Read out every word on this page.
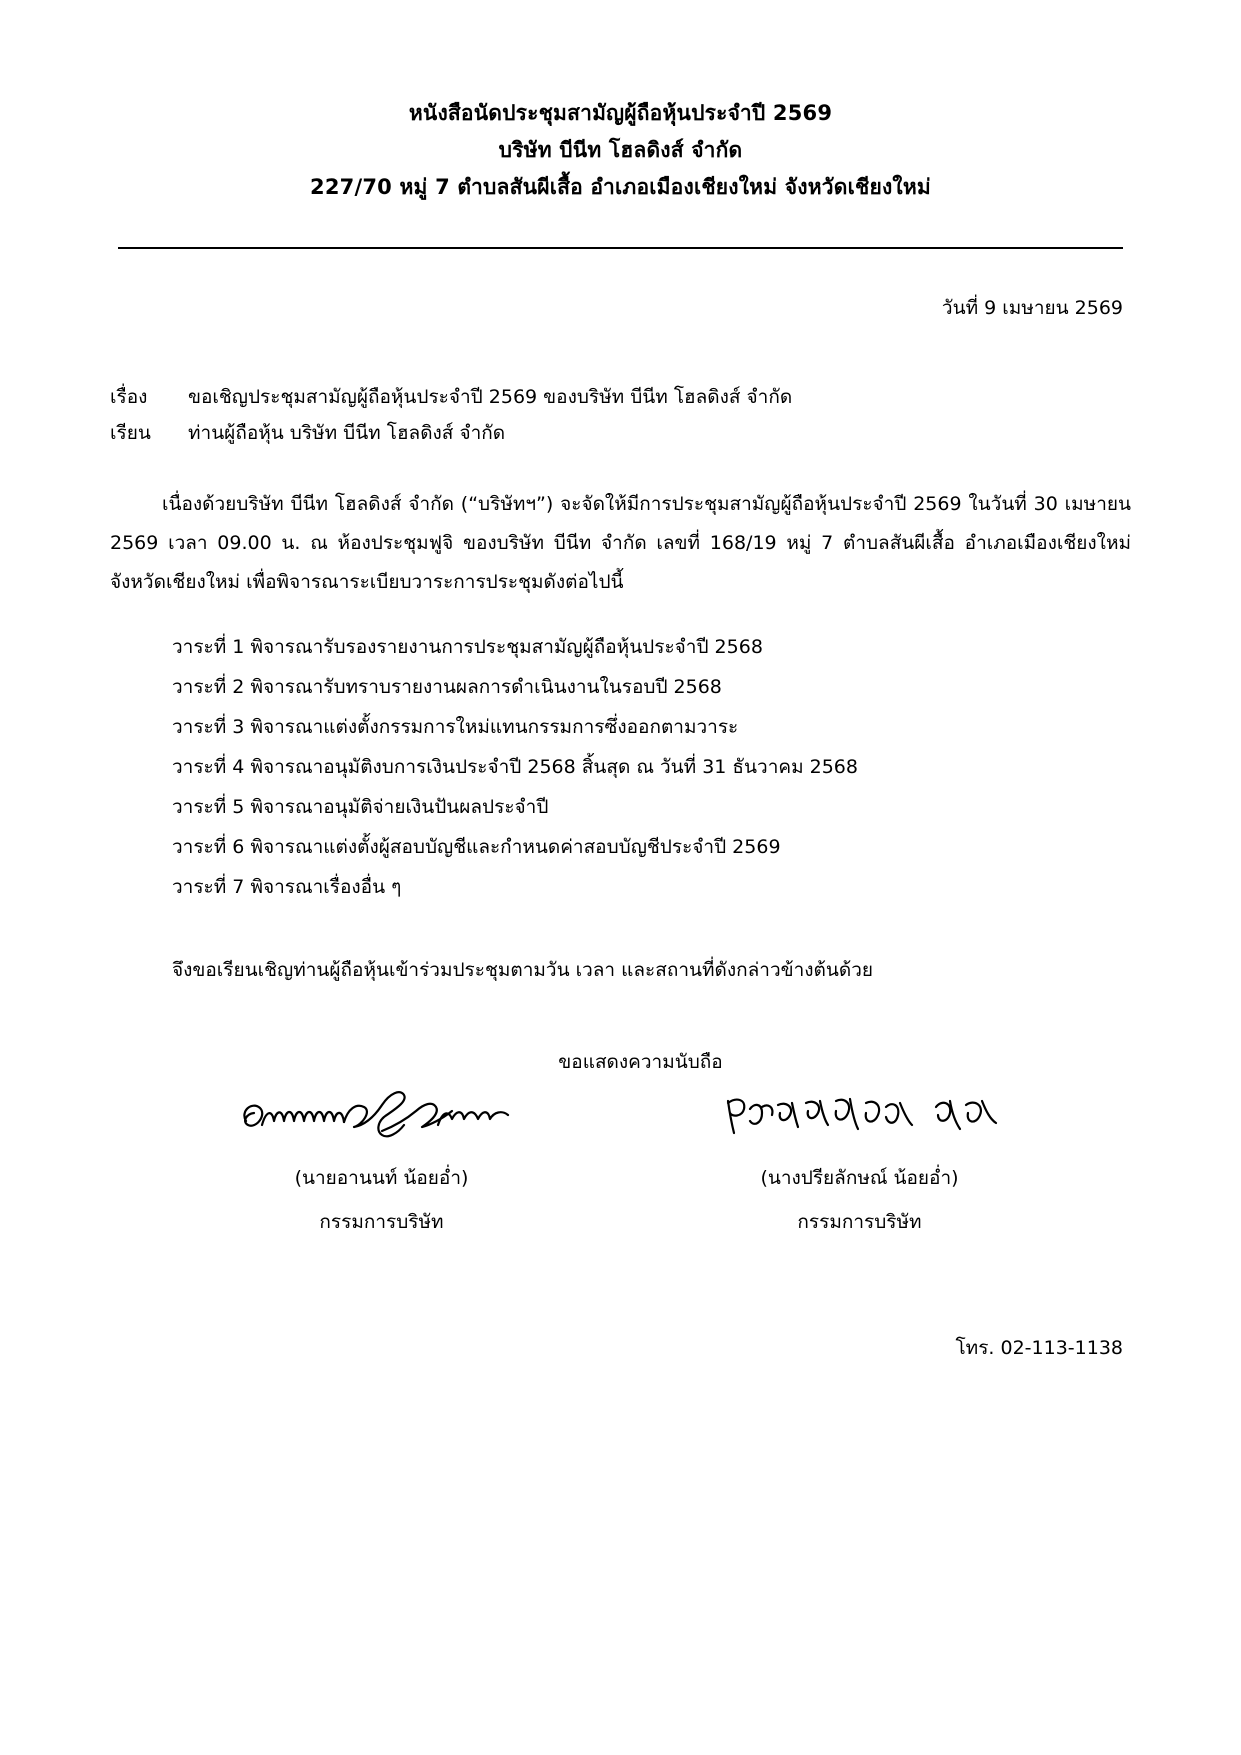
หนังสือนัดประชุมสามัญผู้ถือหุ้นประจำปี 2569
บริษัท บีนีท โฮลดิงส์ จำกัด
227/70 หมู่ 7 ตำบลสันผีเสื้อ อำเภอเมืองเชียงใหม่ จังหวัดเชียงใหม่
วันที่ 9 เมษายน 2569
เรื่อง	ขอเชิญประชุมสามัญผู้ถือหุ้นประจำปี 2569 ของบริษัท บีนีท โฮลดิงส์ จำกัด
เรียน	ท่านผู้ถือหุ้น บริษัท บีนีท โฮลดิงส์ จำกัด
เนื่องด้วยบริษัท บีนีท โฮลดิงส์ จำกัด (“บริษัทฯ”) จะจัดให้มีการประชุมสามัญผู้ถือหุ้นประจำปี 2569 ในวันที่ 30 เมษายน 2569 เวลา 09.00 น. ณ ห้องประชุมฟูจิ ของบริษัท บีนีท จำกัด เลขที่ 168/19 หมู่ 7 ตำบลสันผีเสื้อ อำเภอเมืองเชียงใหม่ จังหวัดเชียงใหม่ เพื่อพิจารณาระเบียบวาระการประชุมดังต่อไปนี้
วาระที่ 1 พิจารณารับรองรายงานการประชุมสามัญผู้ถือหุ้นประจำปี 2568
วาระที่ 2 พิจารณารับทราบรายงานผลการดำเนินงานในรอบปี 2568
วาระที่ 3 พิจารณาแต่งตั้งกรรมการใหม่แทนกรรมการซึ่งออกตามวาระ
วาระที่ 4 พิจารณาอนุมัติงบการเงินประจำปี 2568 สิ้นสุด ณ วันที่ 31 ธันวาคม 2568
วาระที่ 5 พิจารณาอนุมัติจ่ายเงินปันผลประจำปี
วาระที่ 6 พิจารณาแต่งตั้งผู้สอบบัญชีและกำหนดค่าสอบบัญชีประจำปี 2569
วาระที่ 7 พิจารณาเรื่องอื่น ๆ
จึงขอเรียนเชิญท่านผู้ถือหุ้นเข้าร่วมประชุมตามวัน เวลา และสถานที่ดังกล่าวข้างต้นด้วย
ขอแสดงความนับถือ
(นายอานนท์ น้อยอ่ำ)
กรรมการบริษัท
(นางปรียลักษณ์ น้อยอ่ำ)
กรรมการบริษัท
โทร. 02-113-1138
